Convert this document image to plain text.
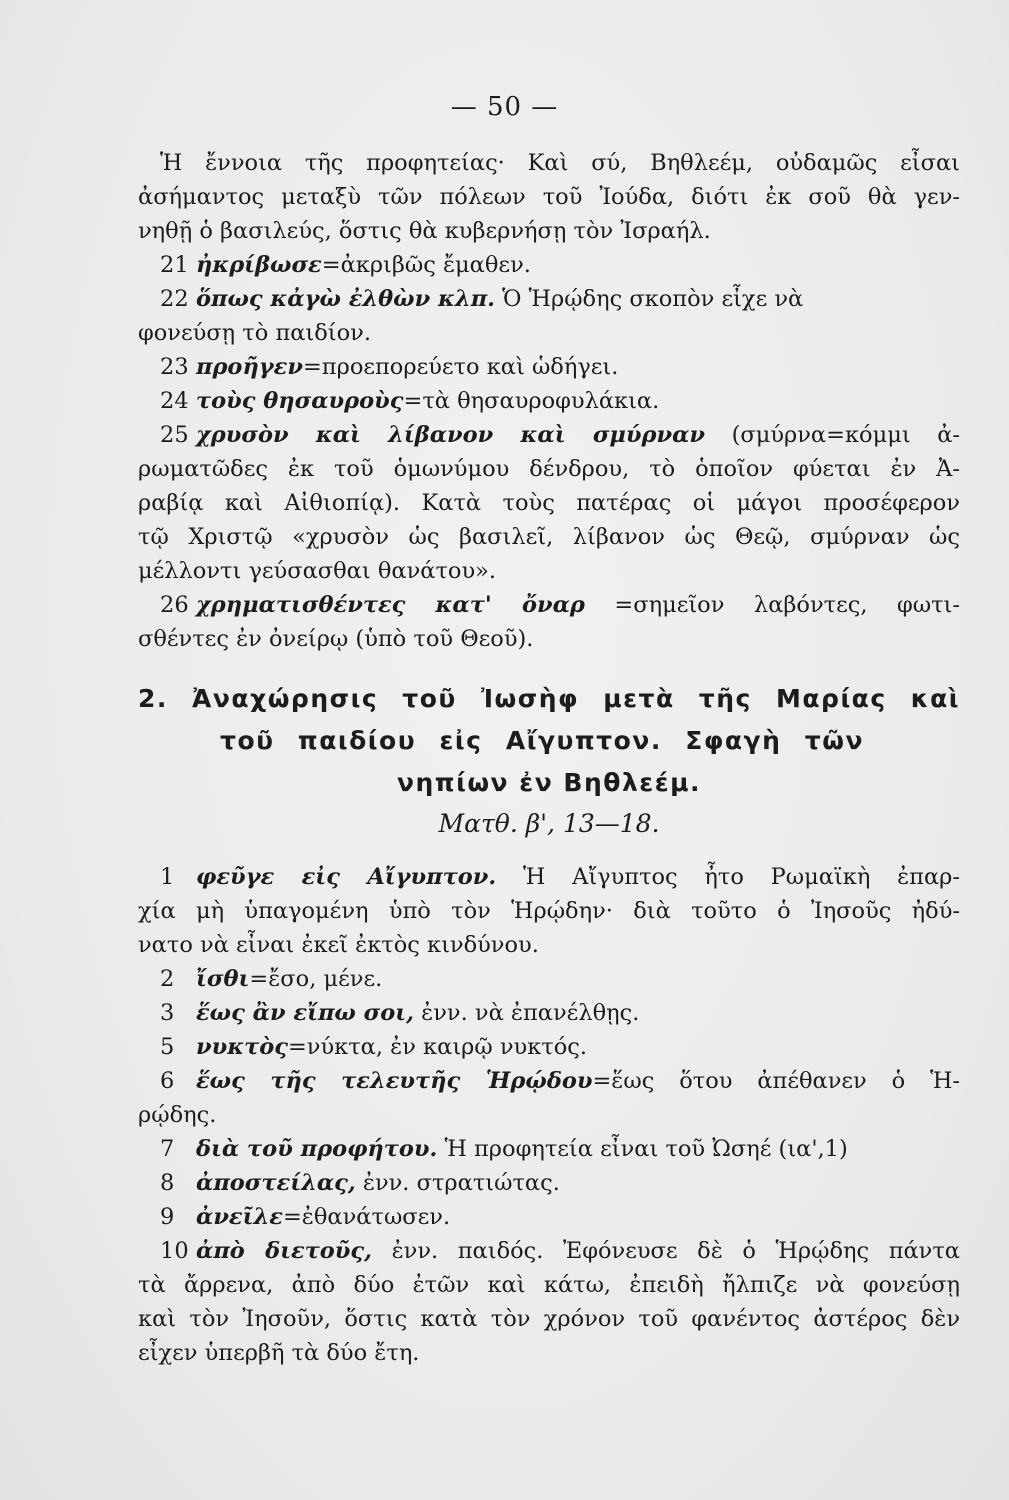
— 50 —
Ἡ ἔννοια τῆς προφητείας· Καὶ σύ, Βηθλεέμ, οὐδαμῶς εἶσαι
ἀσήμαντος μεταξὺ τῶν πόλεων τοῦ Ἰούδα, διότι ἐκ σοῦ θὰ γεν-
νηθῇ ὁ βασιλεύς, ὅστις θὰ κυβερνήσῃ τὸν Ἰσραήλ.
21 ἠκρίβωσε=ἀκριβῶς ἔμαθεν.
22 ὅπως κἀγὼ ἐλθὼν κλπ. Ὁ Ἡρῴδης σκοπὸν εἶχε νὰ
φονεύσῃ τὸ παιδίον.
23 προῆγεν=προεπορεύετο καὶ ὡδήγει.
24 τοὺς θησαυροὺς=τὰ θησαυροφυλάκια.
25 χρυσὸν καὶ λίβανον καὶ σμύρναν (σμύρνα=κόμμι ἀ-
ρωματῶδες ἐκ τοῦ ὁμωνύμου δένδρου, τὸ ὁποῖον φύεται ἐν Ἀ-
ραβίᾳ καὶ Αἰθιοπίᾳ). Κατὰ τοὺς πατέρας οἱ μάγοι προσέφερον
τῷ Χριστῷ «χρυσὸν ὡς βασιλεῖ, λίβανον ὡς Θεῷ, σμύρναν ὡς
μέλλοντι γεύσασθαι θανάτου».
26 χρηματισθέντες κατ' ὄναρ =σημεῖον λαβόντες, φωτι-
σθέντες ἐν ὀνείρῳ (ὑπὸ τοῦ Θεοῦ).
2. Ἀναχώρησις τοῦ Ἰωσὴφ μετὰ τῆς Μαρίας καὶ
τοῦ παιδίου εἰς Αἴγυπτον. Σφαγὴ τῶν
νηπίων ἐν Βηθλεέμ.
Ματθ. β', 13—18.
1 φεῦγε εἰς Αἴγυπτον. Ἡ Αἴγυπτος ἦτο Ρωμαϊκὴ ἐπαρ-
χία μὴ ὑπαγομένη ὑπὸ τὸν Ἡρῴδην· διὰ τοῦτο ὁ Ἰησοῦς ἠδύ-
νατο νὰ εἶναι ἐκεῖ ἐκτὸς κινδύνου.
2 ἴσθι=ἔσο, μένε.
3 ἕως ἂν εἴπω σοι, ἐνν. νὰ ἐπανέλθῃς.
5 νυκτὸς=νύκτα, ἐν καιρῷ νυκτός.
6 ἕως τῆς τελευτῆς Ἡρῴδου=ἕως ὅτου ἀπέθανεν ὁ Ἡ-
ρῴδης.
7 διὰ τοῦ προφήτου. Ἡ προφητεία εἶναι τοῦ Ὠσηέ (ια',1)
8 ἀποστείλας, ἐνν. στρατιώτας.
9 ἀνεῖλε=ἐθανάτωσεν.
10 ἀπὸ διετοῦς, ἐνν. παιδός. Ἐφόνευσε δὲ ὁ Ἡρῴδης πάντα
τὰ ἄρρενα, ἀπὸ δύο ἐτῶν καὶ κάτω, ἐπειδὴ ἤλπιζε νὰ φονεύσῃ
καὶ τὸν Ἰησοῦν, ὅστις κατὰ τὸν χρόνον τοῦ φανέντος ἀστέρος δὲν
εἶχεν ὑπερβῆ τὰ δύο ἔτη.
